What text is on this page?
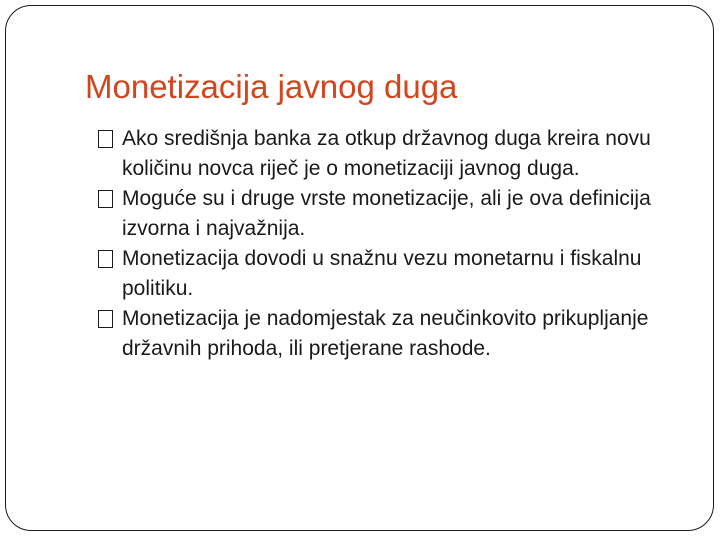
Monetizacija javnog duga
Ako središnja banka za otkup državnog duga kreira novu količinu novca riječ je o monetizaciji javnog duga.
Moguće su i druge vrste monetizacije, ali je ova definicija izvorna i najvažnija.
Monetizacija dovodi u snažnu vezu monetarnu i fiskalnu politiku.
Monetizacija je nadomjestak za neučinkovito prikupljanje državnih prihoda, ili pretjerane rashode.
